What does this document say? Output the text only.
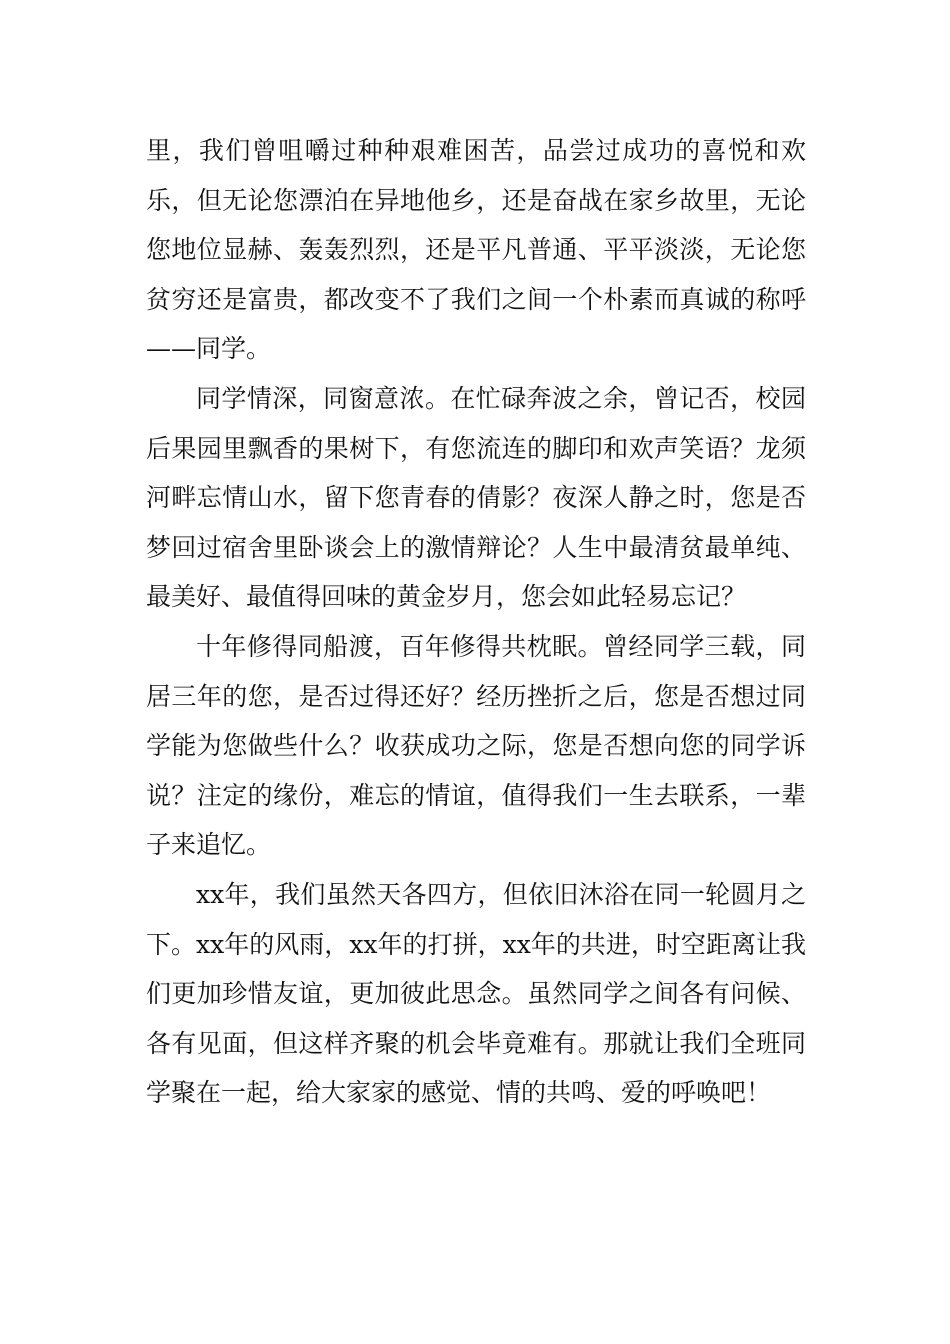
里，我们曾咀嚼过种种艰难困苦，品尝过成功的喜悦和欢乐，但无论您漂泊在异地他乡，还是奋战在家乡故里，无论您地位显赫、轰轰烈烈，还是平凡普通、平平淡淡，无论您贫穷还是富贵，都改变不了我们之间一个朴素而真诚的称呼——同学。

同学情深，同窗意浓。在忙碌奔波之余，曾记否，校园后果园里飘香的果树下，有您流连的脚印和欢声笑语？龙须河畔忘情山水，留下您青春的倩影？夜深人静之时，您是否梦回过宿舍里卧谈会上的激情辩论？人生中最清贫最单纯、最美好、最值得回味的黄金岁月，您会如此轻易忘记？

十年修得同船渡，百年修得共枕眠。曾经同学三载，同居三年的您，是否过得还好？经历挫折之后，您是否想过同学能为您做些什么？收获成功之际，您是否想向您的同学诉说？注定的缘份，难忘的情谊，值得我们一生去联系，一辈子来追忆。

xx年，我们虽然天各四方，但依旧沐浴在同一轮圆月之下。xx年的风雨，xx年的打拼，xx年的共进，时空距离让我们更加珍惜友谊，更加彼此思念。虽然同学之间各有问候、各有见面，但这样齐聚的机会毕竟难有。那就让我们全班同学聚在一起，给大家家的感觉、情的共鸣、爱的呼唤吧！
